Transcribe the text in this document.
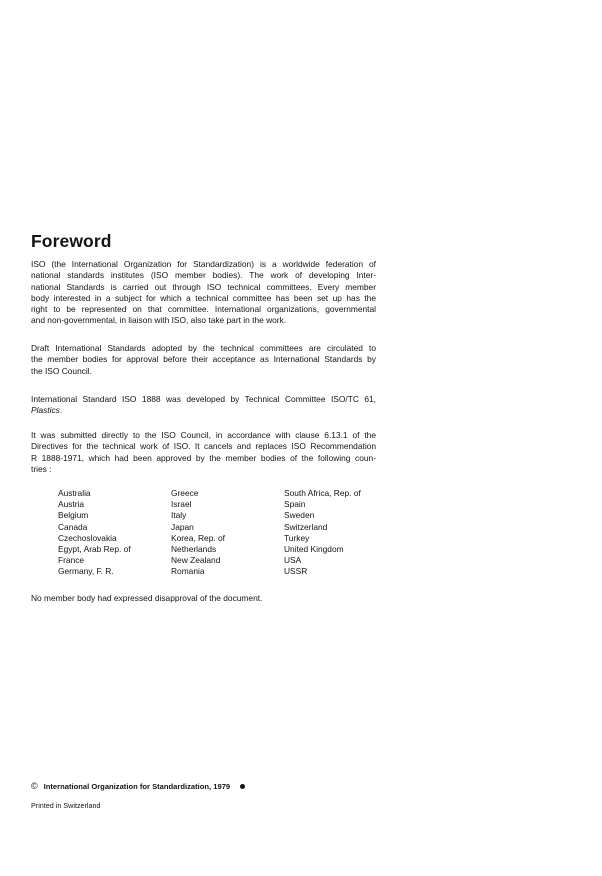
Foreword

ISO (the International Organization for Standardization) is a worldwide federation of
national standards institutes (ISO member bodies). The work of developing Inter-
national Standards is carried out through ISO technical committees. Every member
body interested in a subject for which a technical committee has been set up has the
right to be represented on that committee. International organizations, governmental
and non-governmental, in liaison with ISO, also take part in the work.

Draft International Standards adopted by the technical committees are circulated to
the member bodies for approval before their acceptance as International Standards by
the ISO Council.

International Standard ISO 1888 was developed by Technical Committee ISO/TC 61,
Plastics.

It was submitted directly to the ISO Council, in accordance with clause 6.13.1 of the
Directives for the technical work of ISO. It cancels and replaces ISO Recommendation
R 1888-1971, which had been approved by the member bodies of the following coun-
tries :

Australia
Austria
Belgium
Canada
Czechoslovakia
Egypt, Arab Rep. of
France
Germany, F. R.
Greece
Israel
Italy
Japan
Korea, Rep. of
Netherlands
New Zealand
Romania
South Africa, Rep. of
Spain
Sweden
Switzerland
Turkey
United Kingdom
USA
USSR

No member body had expressed disapproval of the document.

© International Organization for Standardization, 1979
Printed in Switzerland
